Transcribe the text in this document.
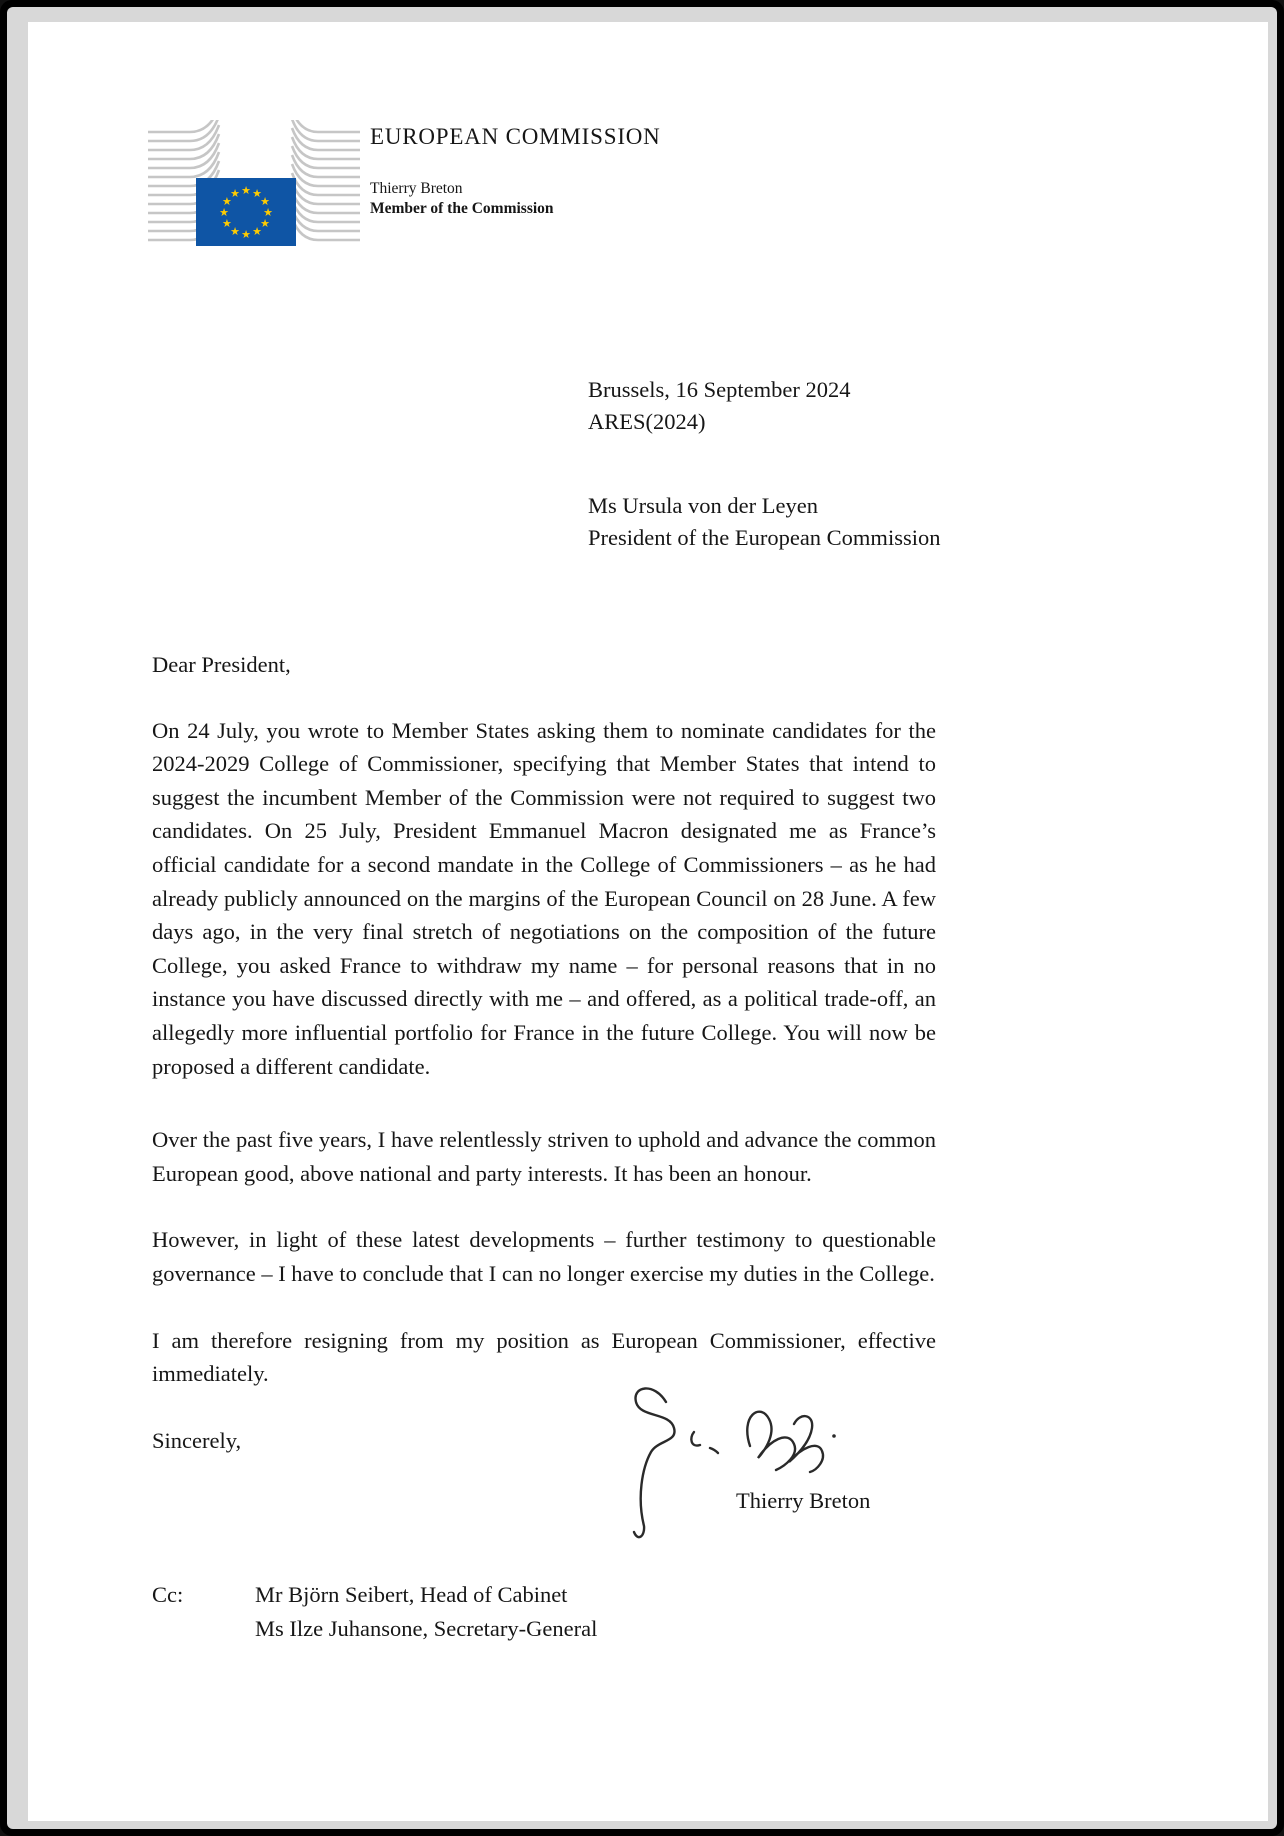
★ ★
★
★
★
★
★
★
★
★
★
★
EUROPEAN COMMISSION
Thierry Breton
Member of the Commission
Brussels, 16 September 2024
ARES(2024)
Ms Ursula von der Leyen
President of the European Commission

Dear President,

On 24 July, you wrote to Member States asking them to nominate candidates for the 2024-2029 College of Commissioner, specifying that Member States that intend to suggest the incumbent Member of the Commission were not required to suggest two candidates. On 25 July, President Emmanuel Macron designated me as France’s official candidate for a second mandate in the College of Commissioners – as he had already publicly announced on the margins of the European Council on 28 June. A few days ago, in the very final stretch of negotiations on the composition of the future College, you asked France to withdraw my name – for personal reasons that in no instance you have discussed directly with me – and offered, as a political trade-off, an allegedly more influential portfolio for France in the future College. You will now be proposed a different candidate.

Over the past five years, I have relentlessly striven to uphold and advance the common European good, above national and party interests. It has been an honour.

However, in light of these latest developments – further testimony to questionable governance – I have to conclude that I can no longer exercise my duties in the College.

I am therefore resigning from my position as European Commissioner, effective immediately.

Sincerely,

Thierry Breton
Cc:	Mr Björn Seibert, Head of Cabinet
Ms Ilze Juhansone, Secretary-General
